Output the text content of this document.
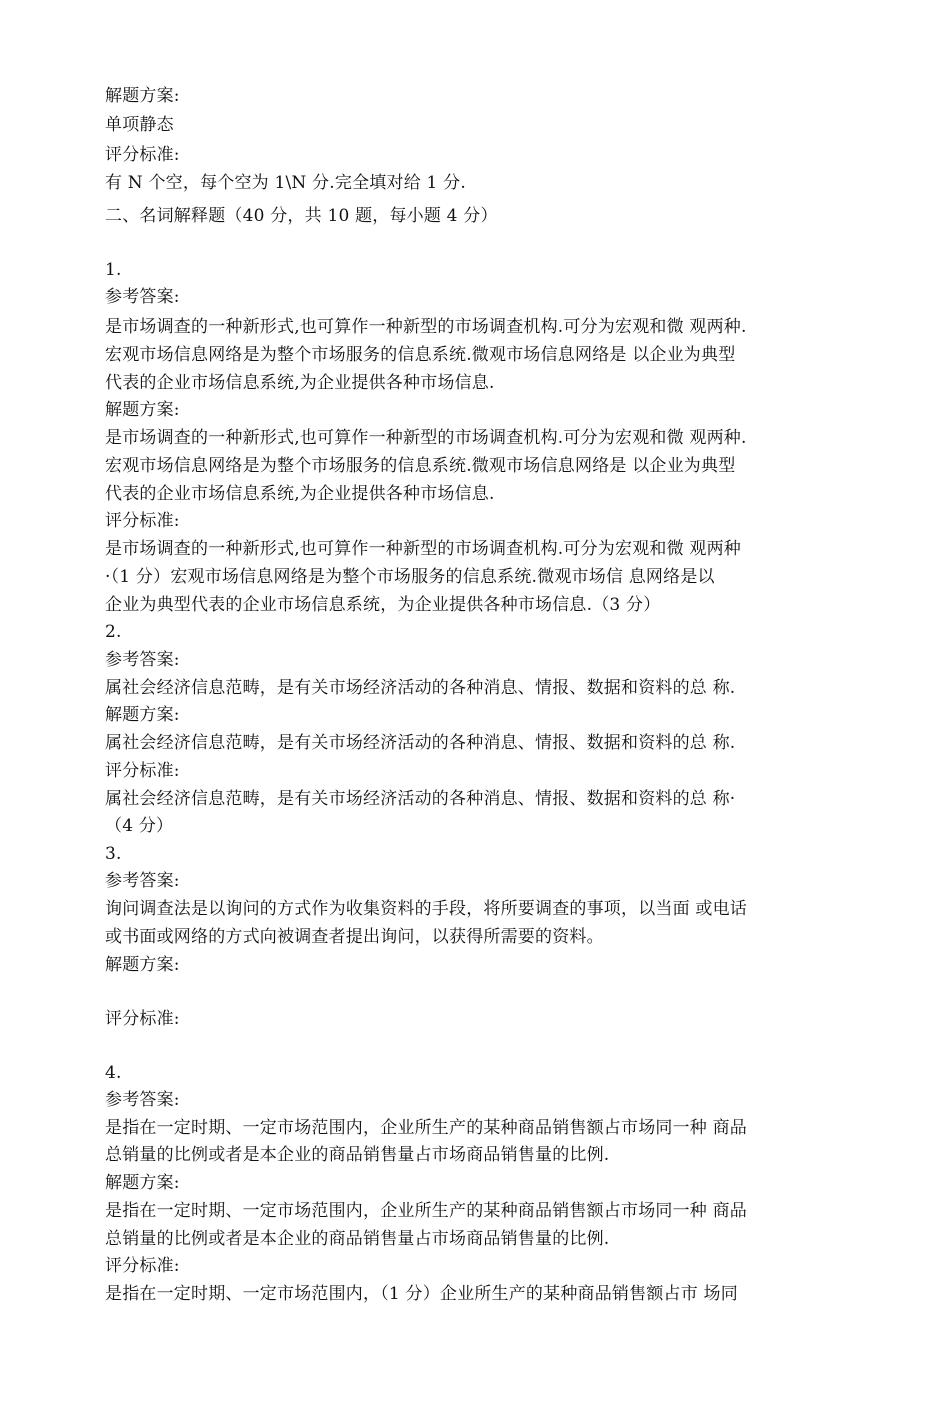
解题方案:

单项静态

评分标准:

有 N 个空，每个空为 1\N 分.完全填对给 1 分.

二、名词解释题（40 分，共 10 题，每小题 4 分）

1.

参考答案:

是市场调查的一种新形式,也可算作一种新型的市场调查机构.可分为宏观和微 观两种.

宏观市场信息网络是为整个市场服务的信息系统.微观市场信息网络是 以企业为典型

代表的企业市场信息系统,为企业提供各种市场信息.

解题方案:

是市场调查的一种新形式,也可算作一种新型的市场调查机构.可分为宏观和微 观两种.

宏观市场信息网络是为整个市场服务的信息系统.微观市场信息网络是 以企业为典型

代表的企业市场信息系统,为企业提供各种市场信息.

评分标准:

是市场调查的一种新形式,也可算作一种新型的市场调查机构.可分为宏观和微 观两种

·（1 分）宏观市场信息网络是为整个市场服务的信息系统.微观市场信 息网络是以

企业为典型代表的企业市场信息系统，为企业提供各种市场信息.（3 分）

2.

参考答案:

属社会经济信息范畴，是有关市场经济活动的各种消息、情报、数据和资料的总 称.

解题方案:

属社会经济信息范畴，是有关市场经济活动的各种消息、情报、数据和资料的总 称.

评分标准:

属社会经济信息范畴，是有关市场经济活动的各种消息、情报、数据和资料的总 称·

（4 分）

3.

参考答案:

询问调查法是以询问的方式作为收集资料的手段，将所要调查的事项，以当面 或电话

或书面或网络的方式向被调查者提出询问，以获得所需要的资料。

解题方案:

评分标准:

4.

参考答案:

是指在一定时期、一定市场范围内，企业所生产的某种商品销售额占市场同一种 商品

总销量的比例或者是本企业的商品销售量占市场商品销售量的比例.

解题方案:

是指在一定时期、一定市场范围内，企业所生产的某种商品销售额占市场同一种 商品

总销量的比例或者是本企业的商品销售量占市场商品销售量的比例.

评分标准:

是指在一定时期、一定市场范围内，（1 分）企业所生产的某种商品销售额占市 场同
